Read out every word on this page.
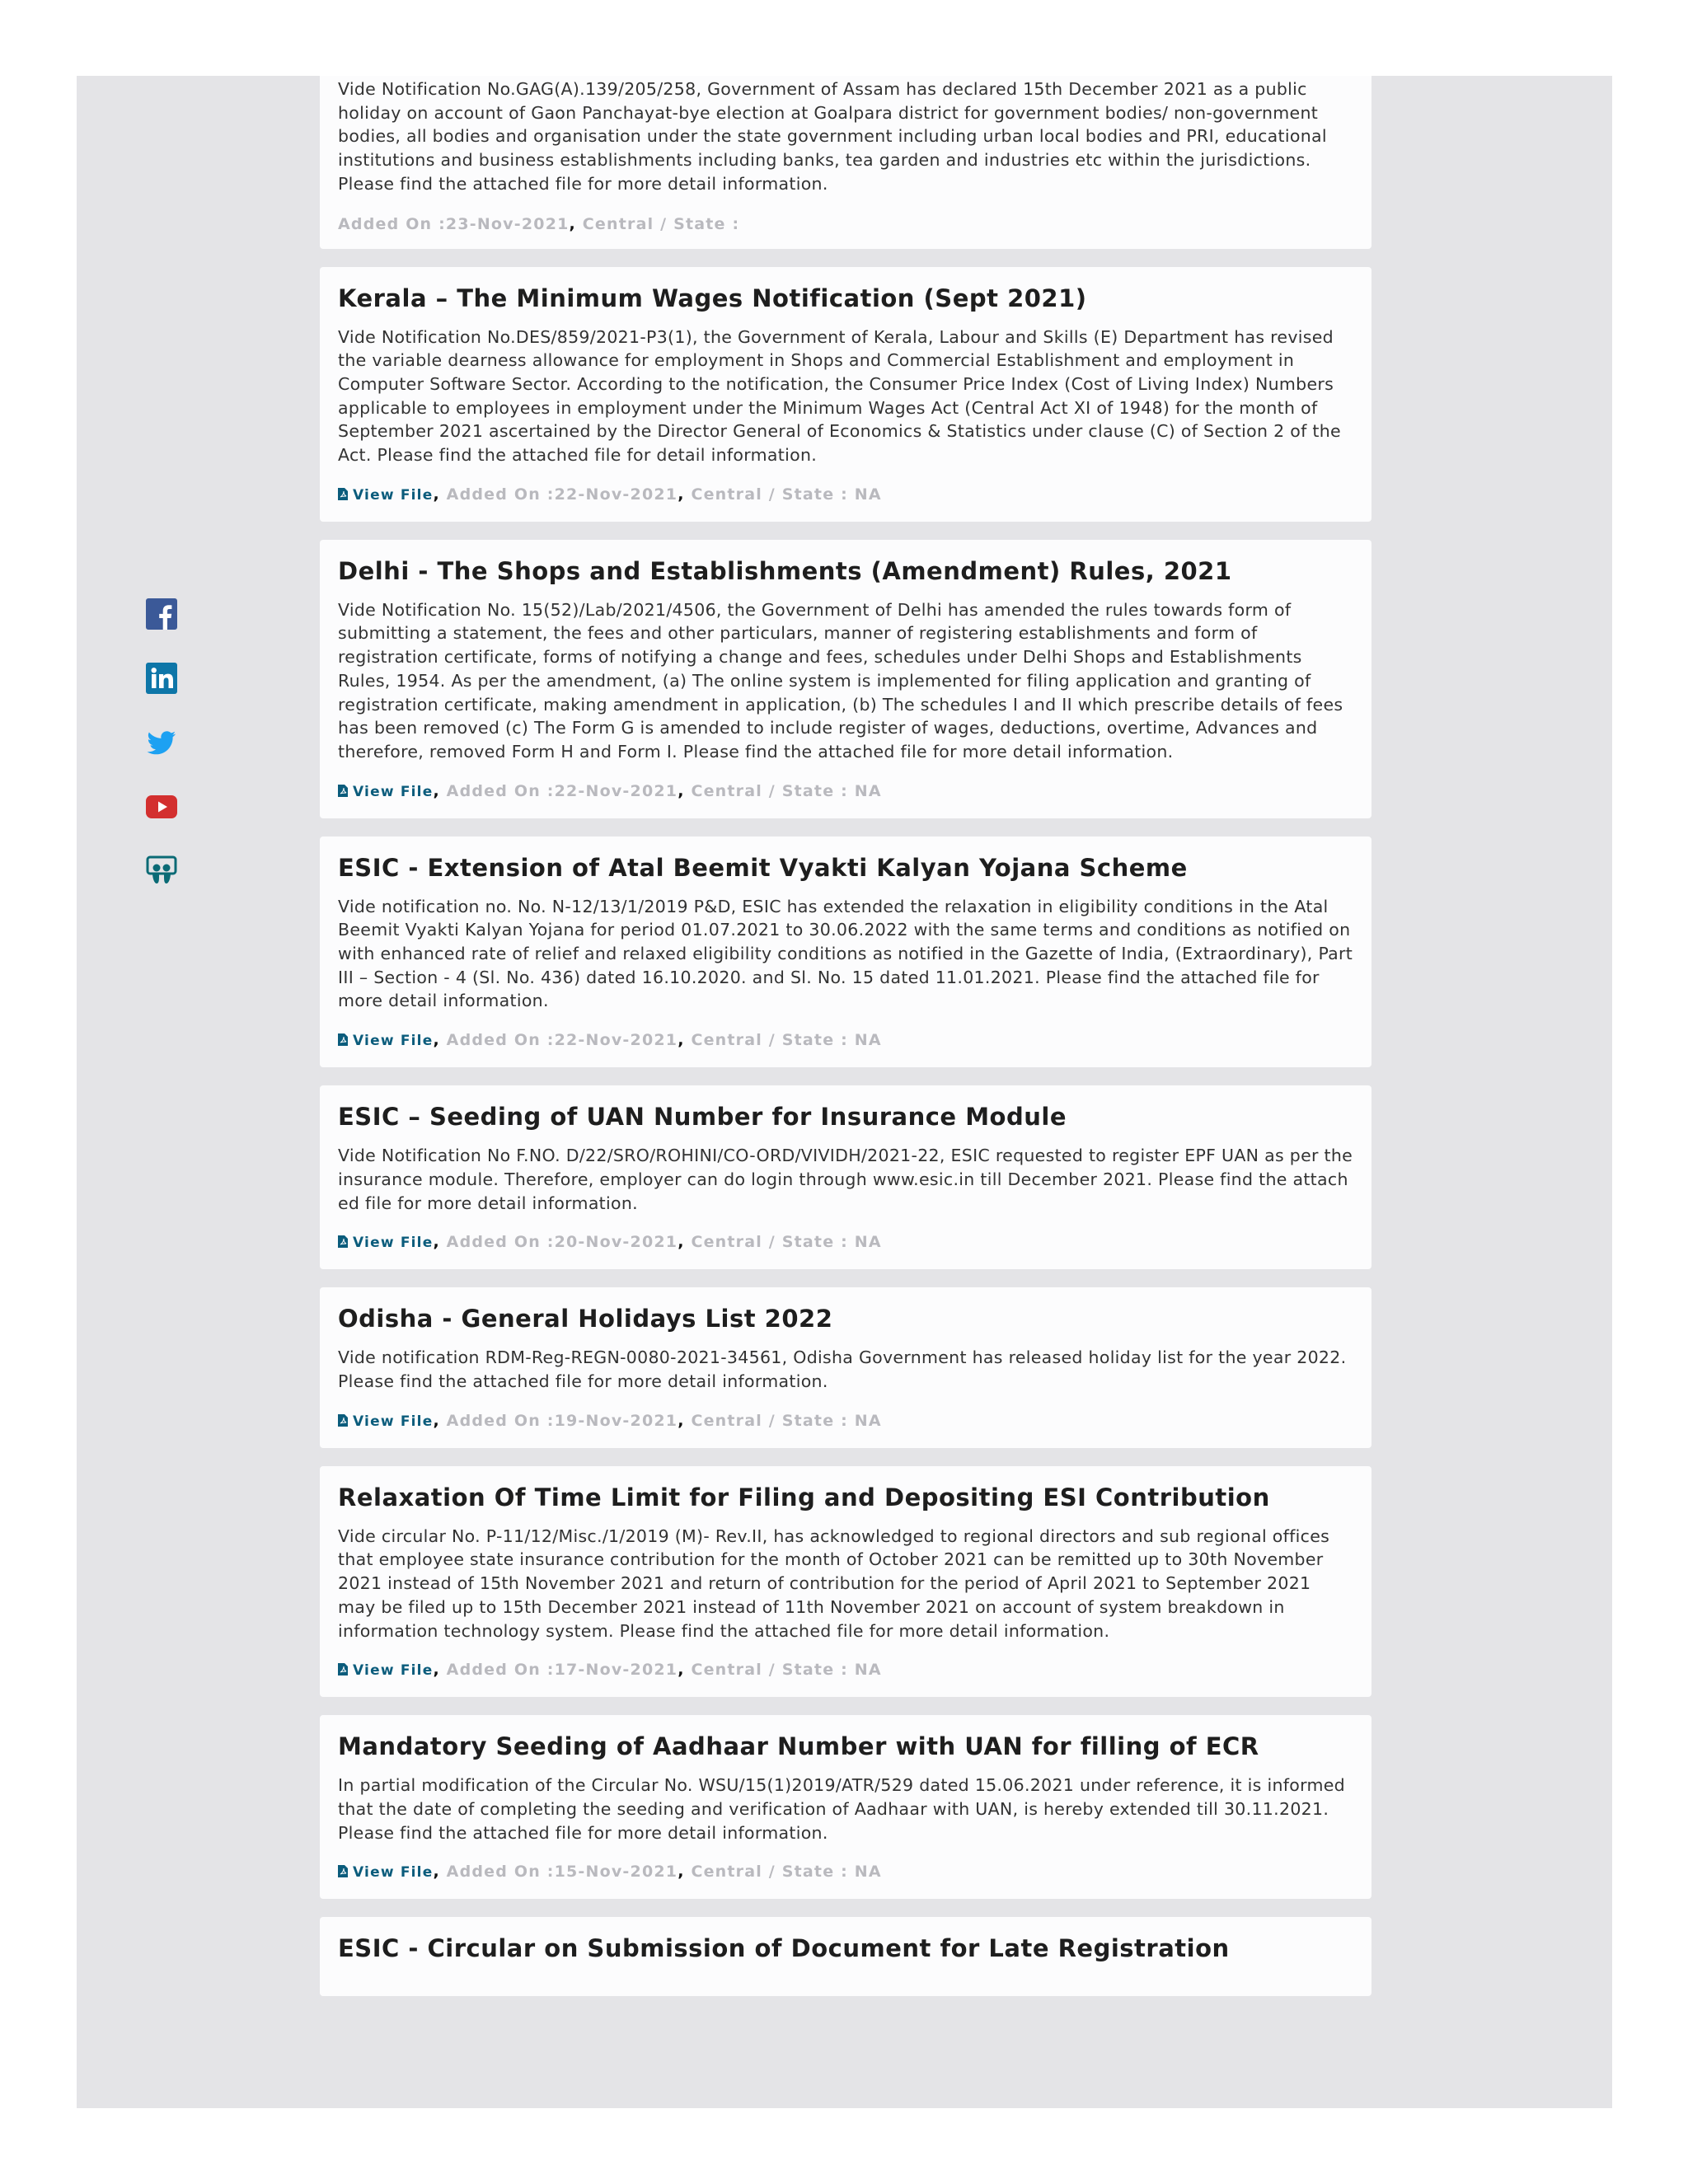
Vide Notification No.GAG(A).139/205/258, Government of Assam has declared 15th December 2021 as a public holiday on account of Gaon Panchayat-bye election at Goalpara district for government bodies/ non-government bodies, all bodies and organisation under the state government including urban local bodies and PRI, educational institutions and business establishments including banks, tea garden and industries etc within the jurisdictions. Please find the attached file for more detail information.

Added On :23-Nov-2021, Central / State :
Kerala – The Minimum Wages Notification (Sept 2021)

Vide Notification No.DES/859/2021-P3(1), the Government of Kerala, Labour and Skills (E) Department has revised the variable dearness allowance for employment in Shops and Commercial Establishment and employment in Computer Software Sector. According to the notification, the Consumer Price Index (Cost of Living Index) Numbers applicable to employees in employment under the Minimum Wages Act (Central Act XI of 1948) for the month of September 2021 ascertained by the Director General of Economics & Statistics under clause (C) of Section 2 of the Act. Please find the attached file for detail information.

View File, Added On :22-Nov-2021, Central / State : NA
Delhi - The Shops and Establishments (Amendment) Rules, 2021

Vide Notification No. 15(52)/Lab/2021/4506, the Government of Delhi has amended the rules towards form of submitting a statement, the fees and other particulars, manner of registering establishments and form of registration certificate, forms of notifying a change and fees, schedules under Delhi Shops and Establishments Rules, 1954. As per the amendment, (a) The online system is implemented for filing application and granting of registration certificate, making amendment in application, (b) The schedules I and II which prescribe details of fees has been removed (c) The Form G is amended to include register of wages, deductions, overtime, Advances and therefore, removed Form H and Form I. Please find the attached file for more detail information.

View File, Added On :22-Nov-2021, Central / State : NA
ESIC - Extension of Atal Beemit Vyakti Kalyan Yojana Scheme

Vide notification no. No. N-12/13/1/2019 P&D, ESIC has extended the relaxation in eligibility conditions in the Atal Beemit Vyakti Kalyan Yojana for period 01.07.2021 to 30.06.2022 with the same terms and conditions as notified on with enhanced rate of relief and relaxed eligibility conditions as notified in the Gazette of India, (Extraordinary), Part III – Section - 4 (Sl. No. 436) dated 16.10.2020. and Sl. No. 15 dated 11.01.2021. Please find the attached file for more detail information.

View File, Added On :22-Nov-2021, Central / State : NA
ESIC – Seeding of UAN Number for Insurance Module

Vide Notification No F.NO. D/22/SRO/ROHINI/CO-ORD/VIVIDH/2021-22, ESIC requested to register EPF UAN as per the insurance module. Therefore, employer can do login through www.esic.in till December 2021. Please find the attach ed file for more detail information.

View File, Added On :20-Nov-2021, Central / State : NA
Odisha - General Holidays List 2022

Vide notification RDM-Reg-REGN-0080-2021-34561, Odisha Government has released holiday list for the year 2022. Please find the attached file for more detail information.

View File, Added On :19-Nov-2021, Central / State : NA
Relaxation Of Time Limit for Filing and Depositing ESI Contribution

Vide circular No. P-11/12/Misc./1/2019 (M)- Rev.II, has acknowledged to regional directors and sub regional offices that employee state insurance contribution for the month of October 2021 can be remitted up to 30th November 2021 instead of 15th November 2021 and return of contribution for the period of April 2021 to September 2021 may be filed up to 15th December 2021 instead of 11th November 2021 on account of system breakdown in information technology system. Please find the attached file for more detail information.

View File, Added On :17-Nov-2021, Central / State : NA
Mandatory Seeding of Aadhaar Number with UAN for filling of ECR

In partial modification of the Circular No. WSU/15(1)2019/ATR/529 dated 15.06.2021 under reference, it is informed that the date of completing the seeding and verification of Aadhaar with UAN, is hereby extended till 30.11.2021. Please find the attached file for more detail information.

View File, Added On :15-Nov-2021, Central / State : NA
ESIC - Circular on Submission of Document for Late Registration
